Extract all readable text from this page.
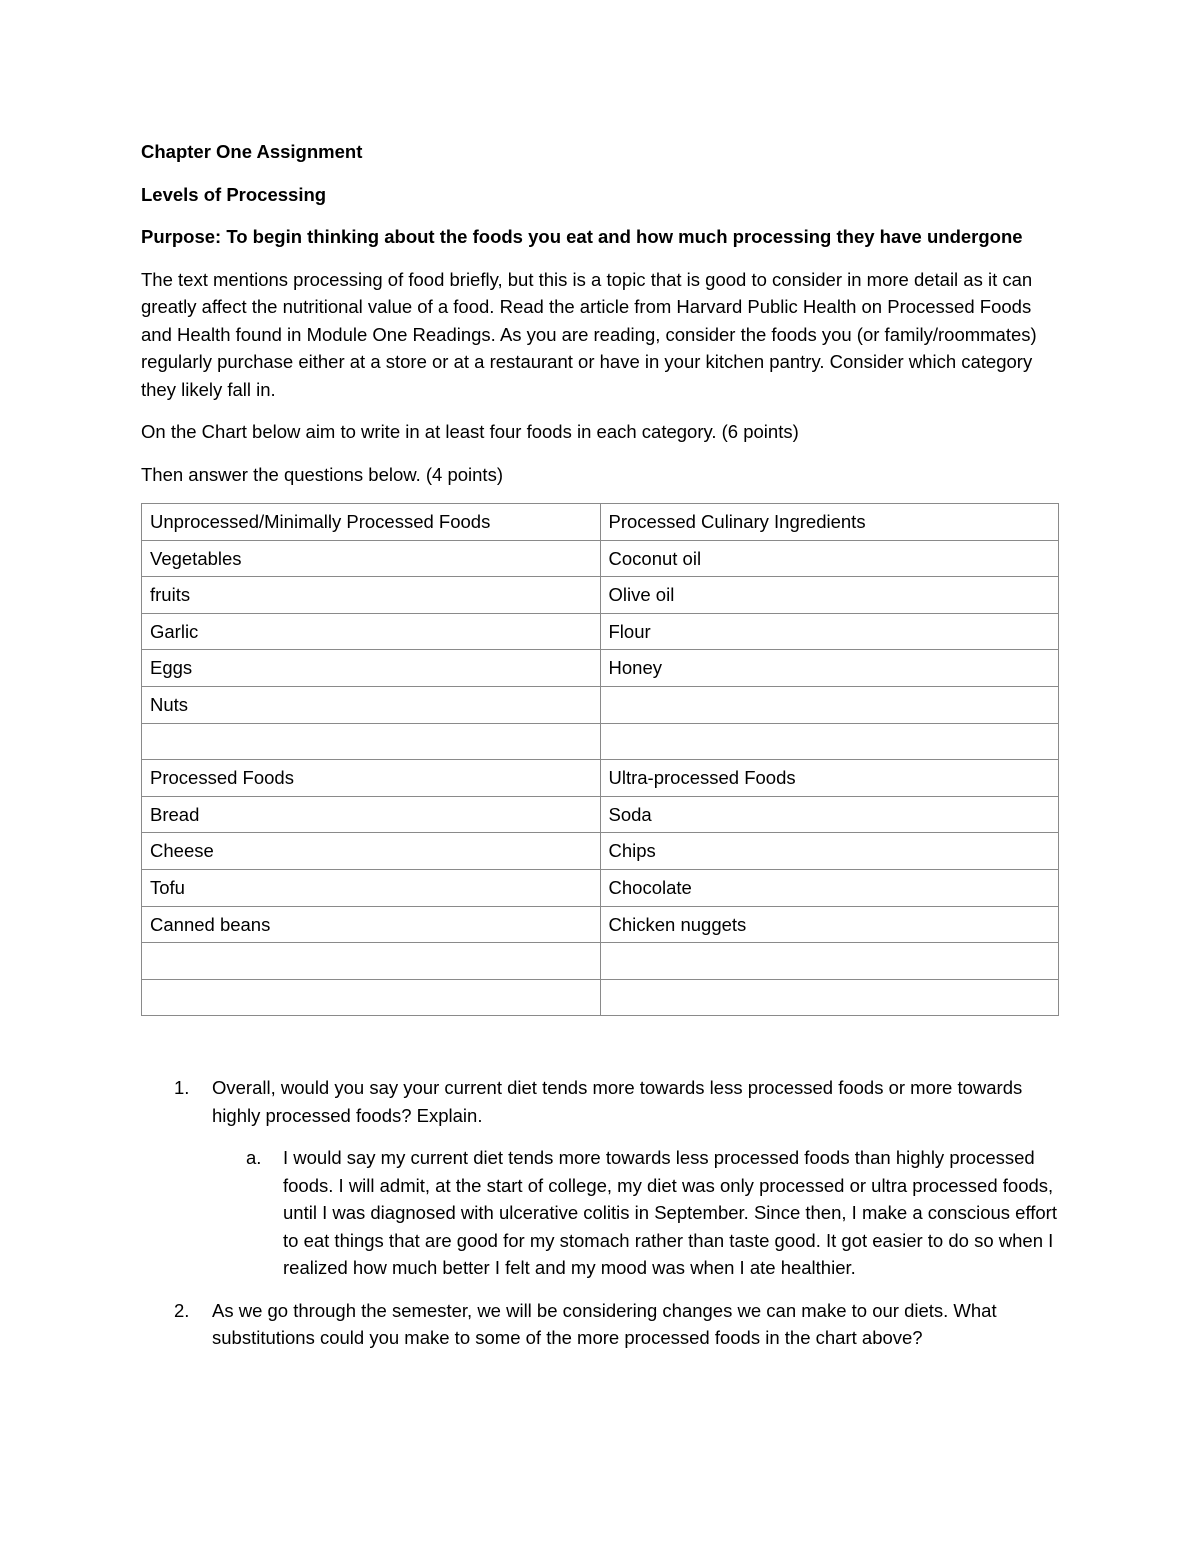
Chapter One Assignment

Levels of Processing

Purpose: To begin thinking about the foods you eat and how much processing they have undergone

The text mentions processing of food briefly, but this is a topic that is good to consider in more detail as it can greatly affect the nutritional value of a food. Read the article from Harvard Public Health on Processed Foods and Health found in Module One Readings. As you are reading, consider the foods you (or family/roommates) regularly purchase either at a store or at a restaurant or have in your kitchen pantry. Consider which category they likely fall in.

On the Chart below aim to write in at least four foods in each category. (6 points)

Then answer the questions below. (4 points)

Unprocessed/Minimally Processed Foods	Processed Culinary Ingredients
Vegetables	Coconut oil
fruits	Olive oil
Garlic	Flour
Eggs	Honey
Nuts	

Processed Foods	Ultra-processed Foods
Bread	Soda
Cheese	Chips
Tofu	Chocolate
Canned beans	Chicken nuggets

1. Overall, would you say your current diet tends more towards less processed foods or more towards highly processed foods? Explain.

a. I would say my current diet tends more towards less processed foods than highly processed foods. I will admit, at the start of college, my diet was only processed or ultra processed foods, until I was diagnosed with ulcerative colitis in September. Since then, I make a conscious effort to eat things that are good for my stomach rather than taste good. It got easier to do so when I realized how much better I felt and my mood was when I ate healthier.

2. As we go through the semester, we will be considering changes we can make to our diets. What substitutions could you make to some of the more processed foods in the chart above?
